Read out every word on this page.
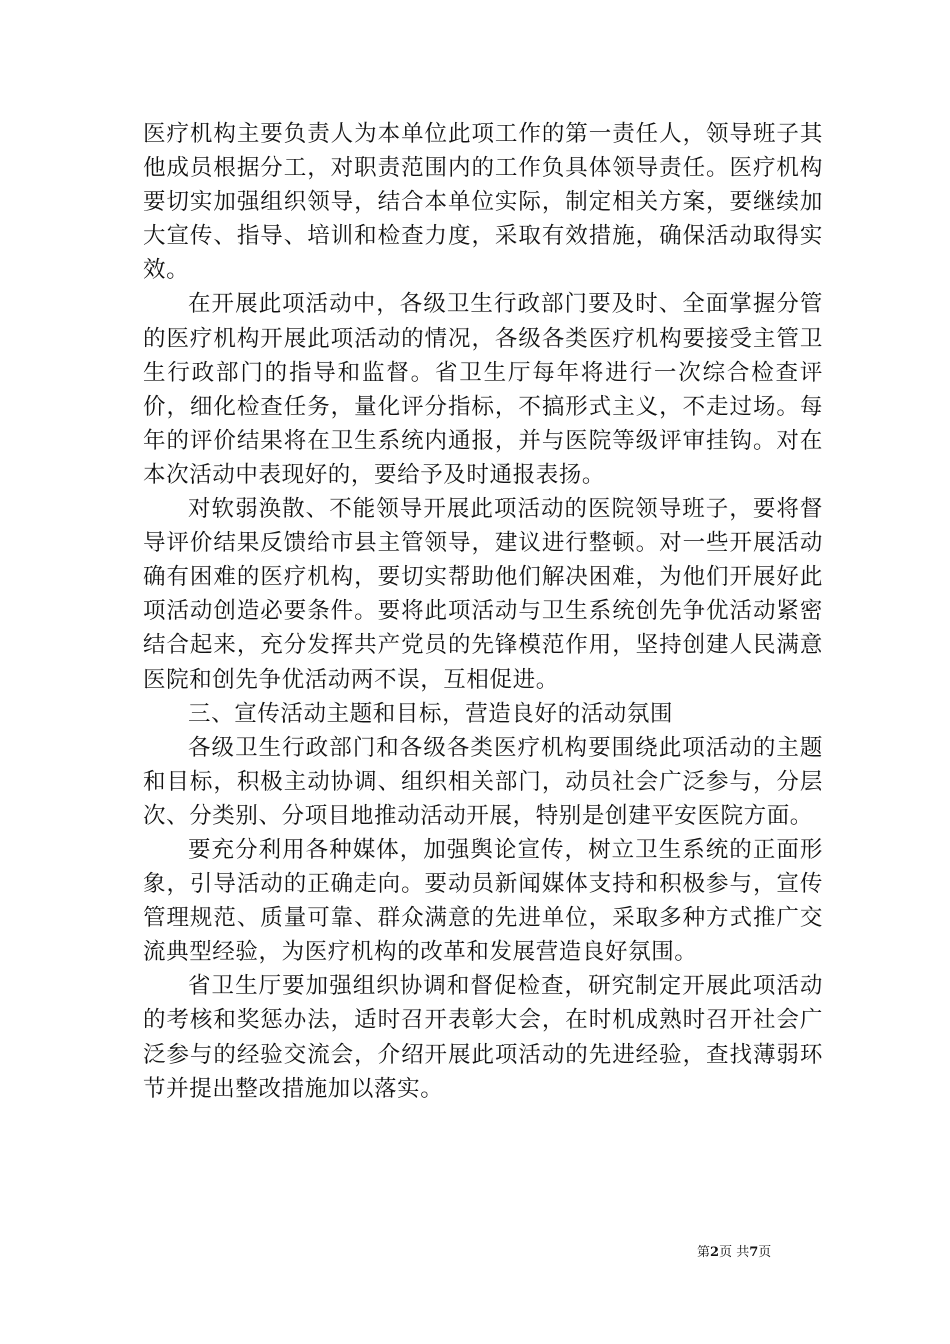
医疗机构主要负责人为本单位此项工作的第一责任人，领导班子其他成员根据分工，对职责范围内的工作负具体领导责任。医疗机构要切实加强组织领导，结合本单位实际，制定相关方案，要继续加大宣传、指导、培训和检查力度，采取有效措施，确保活动取得实效。

在开展此项活动中，各级卫生行政部门要及时、全面掌握分管的医疗机构开展此项活动的情况，各级各类医疗机构要接受主管卫生行政部门的指导和监督。省卫生厅每年将进行一次综合检查评价，细化检查任务，量化评分指标，不搞形式主义，不走过场。每年的评价结果将在卫生系统内通报，并与医院等级评审挂钩。对在本次活动中表现好的，要给予及时通报表扬。

对软弱涣散、不能领导开展此项活动的医院领导班子，要将督导评价结果反馈给市县主管领导，建议进行整顿。对一些开展活动确有困难的医疗机构，要切实帮助他们解决困难，为他们开展好此项活动创造必要条件。要将此项活动与卫生系统创先争优活动紧密结合起来，充分发挥共产党员的先锋模范作用，坚持创建人民满意医院和创先争优活动两不误，互相促进。

三、宣传活动主题和目标，营造良好的活动氛围

各级卫生行政部门和各级各类医疗机构要围绕此项活动的主题和目标，积极主动协调、组织相关部门，动员社会广泛参与，分层次、分类别、分项目地推动活动开展，特别是创建平安医院方面。

要充分利用各种媒体，加强舆论宣传，树立卫生系统的正面形象，引导活动的正确走向。要动员新闻媒体支持和积极参与，宣传管理规范、质量可靠、群众满意的先进单位，采取多种方式推广交流典型经验，为医疗机构的改革和发展营造良好氛围。

省卫生厅要加强组织协调和督促检查，研究制定开展此项活动的考核和奖惩办法，适时召开表彰大会，在时机成熟时召开社会广泛参与的经验交流会，介绍开展此项活动的先进经验，查找薄弱环节并提出整改措施加以落实。

第2页 共7页
